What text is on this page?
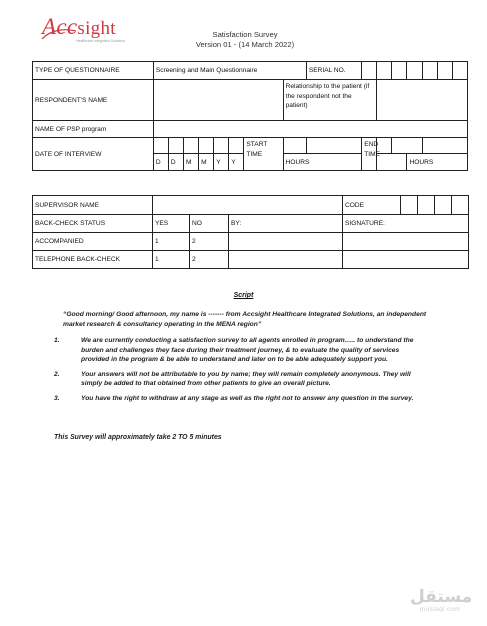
Accsight
Healthcare Integrated Solutions
Satisfaction Survey
Version 01 - (14 March 2022)
TYPE OF QUESTIONNAIRE	Screening and Main Questionnaire								SERIAL NO.							
RESPONDENT'S NAME								Relationship to the patient (if the respondent not the patient)								
NAME OF PSP program																
DATE OF INTERVIEW							START TIME			END TIME						
	D	D	M	M	Y	Y		HOURS					HOURS			
SUPERVISOR NAME				CODE				
BACK-CHECK STATUS	YES	NO	BY:	SIGNATURE:				
ACCOMPANIED	1	2						
TELEPHONE BACK-CHECK	1	2						
Script
“Good morning/ Good afternoon, my name is ------- from Accsight Healthcare Integrated Solutions, an independent market research & consultancy operating in the MENA region”
1.	We are currently conducting a satisfaction survey to all agents enrolled in program….. to understand the burden and challenges they face during their treatment journey, & to evaluate the quality of services provided in the program & be able to understand and later on to be able adequately support you.
2.	Your answers will not be attributable to you by name; they will remain completely anonymous. They will simply be added to that obtained from other patients to give an overall picture.
3.	You have the right to withdraw at any stage as well as the right not to answer any question in the survey.
This Survey will approximately take 2 TO 5 minutes
مستقل
mostaql.com
